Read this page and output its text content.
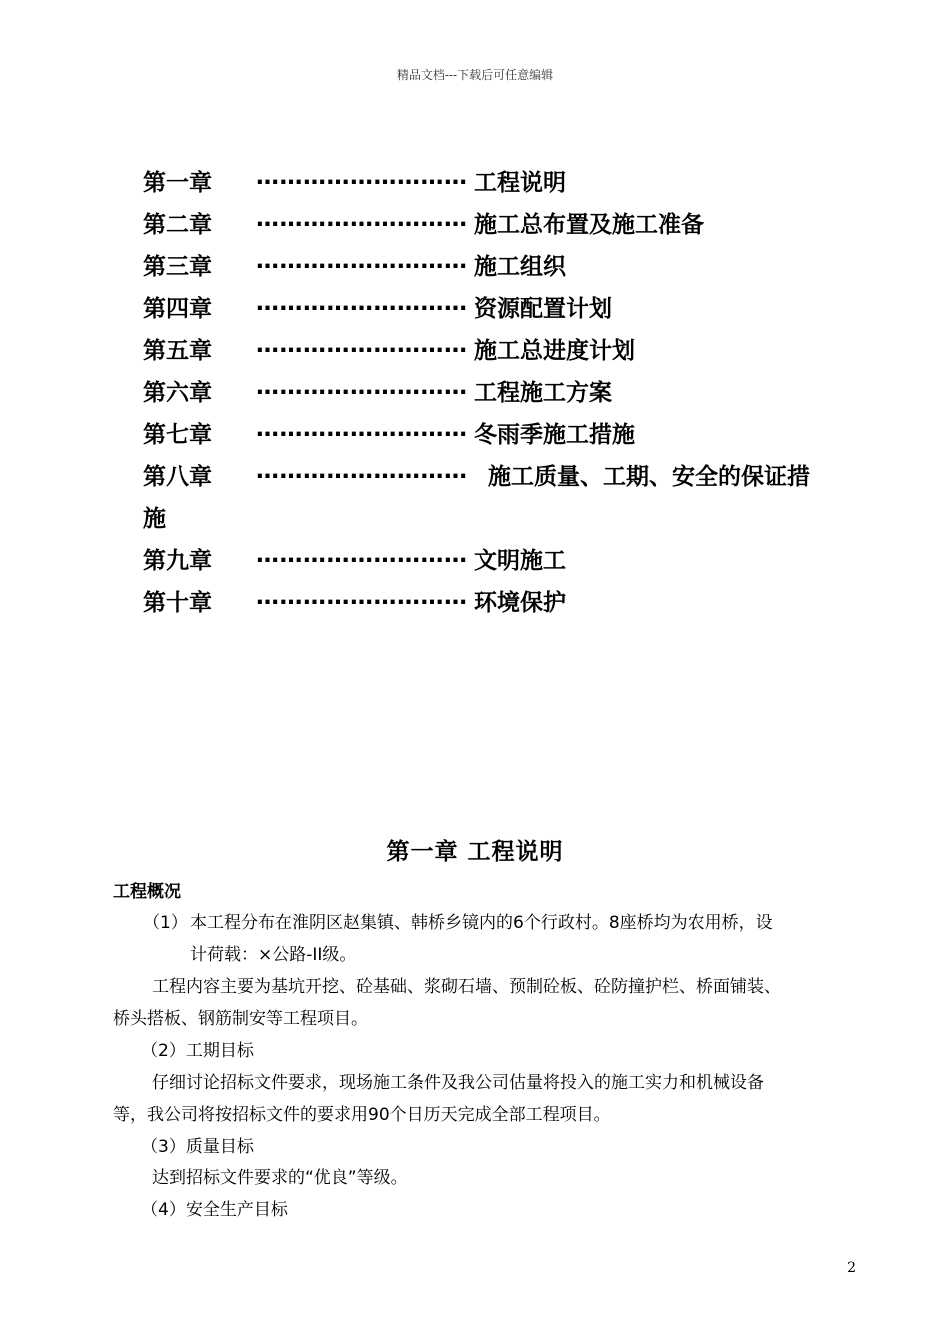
精品文档---下载后可任意编辑
第一章 ……………………… 工程说明
第二章 ……………………… 施工总布置及施工准备
第三章 ……………………… 施工组织
第四章 ……………………… 资源配置计划
第五章 ……………………… 施工总进度计划
第六章 ……………………… 工程施工方案
第七章 ……………………… 冬雨季施工措施
第八章 ……………………… 施工质量、工期、安全的保证措
施
第九章 ……………………… 文明施工
第十章 ……………………… 环境保护
第一章 工程说明
工程概况
（1） 本工程分布在淮阴区赵集镇、韩桥乡镜内的6个行政村。8座桥均为农用桥，设
计荷载：×公路-II级。
工程内容主要为基坑开挖、砼基础、浆砌石墙、预制砼板、砼防撞护栏、桥面铺装、
桥头搭板、钢筋制安等工程项目。
（2）工期目标
仔细讨论招标文件要求，现场施工条件及我公司估量将投入的施工实力和机械设备
等，我公司将按招标文件的要求用90个日历天完成全部工程项目。
（3）质量目标
达到招标文件要求的“优良”等级。
（4）安全生产目标
2
